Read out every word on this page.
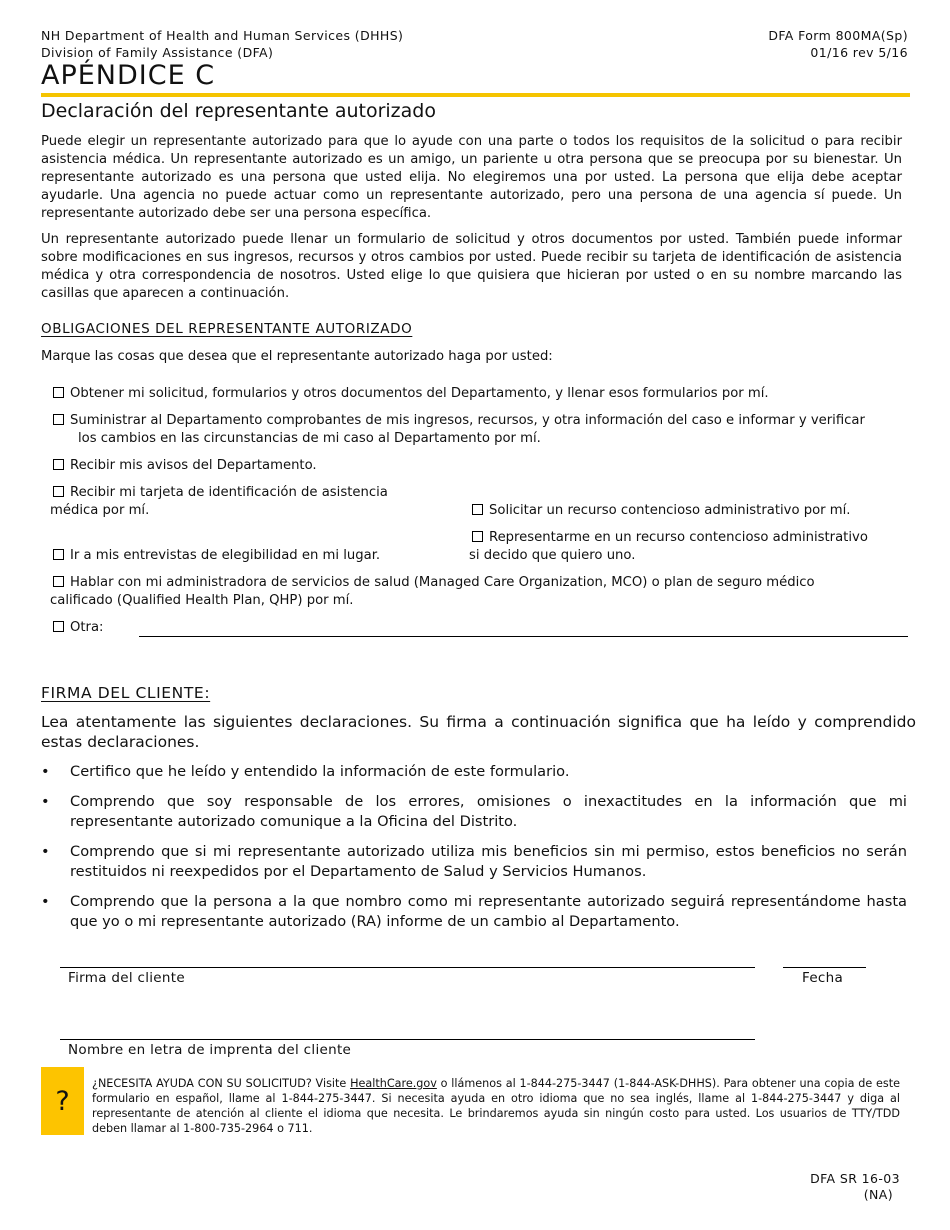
NH Department of Health and Human Services (DHHS)
Division of Family Assistance (DFA)
DFA Form 800MA(Sp)
01/16 rev 5/16
APÉNDICE C
Declaración del representante autorizado
Puede elegir un representante autorizado para que lo ayude con una parte o todos los requisitos de la solicitud o para recibir asistencia médica. Un representante autorizado es un amigo, un pariente u otra persona que se preocupa por su bienestar. Un representante autorizado es una persona que usted elija. No elegiremos una por usted. La persona que elija debe aceptar ayudarle. Una agencia no puede actuar como un representante autorizado, pero una persona de una agencia sí puede. Un representante autorizado debe ser una persona específica.
Un representante autorizado puede llenar un formulario de solicitud y otros documentos por usted. También puede informar sobre modificaciones en sus ingresos, recursos y otros cambios por usted. Puede recibir su tarjeta de identificación de asistencia médica y otra correspondencia de nosotros. Usted elige lo que quisiera que hicieran por usted o en su nombre marcando las casillas que aparecen a continuación.
OBLIGACIONES DEL REPRESENTANTE AUTORIZADO
Marque las cosas que desea que el representante autorizado haga por usted:
Obtener mi solicitud, formularios y otros documentos del Departamento, y llenar esos formularios por mí.
Suministrar al Departamento comprobantes de mis ingresos, recursos, y otra información del caso e informar y verificar
los cambios en las circunstancias de mi caso al Departamento por mí.
Recibir mis avisos del Departamento.
Recibir mi tarjeta de identificación de asistencia
médica por mí.	Solicitar un recurso contencioso administrativo por mí.
Representarme en un recurso contencioso administrativo
si decido que quiero uno.
Ir a mis entrevistas de elegibilidad en mi lugar.
Hablar con mi administradora de servicios de salud (Managed Care Organization, MCO) o plan de seguro médico
calificado (Qualified Health Plan, QHP) por mí.
Otra:
FIRMA DEL CLIENTE:
Lea atentamente las siguientes declaraciones. Su firma a continuación significa que ha leído y comprendido estas declaraciones.
• Certifico que he leído y entendido la información de este formulario.
• Comprendo que soy responsable de los errores, omisiones o inexactitudes en la información que mi representante autorizado comunique a la Oficina del Distrito.
• Comprendo que si mi representante autorizado utiliza mis beneficios sin mi permiso, estos beneficios no serán restituidos ni reexpedidos por el Departamento de Salud y Servicios Humanos.
• Comprendo que la persona a la que nombro como mi representante autorizado seguirá representándome hasta que yo o mi representante autorizado (RA) informe de un cambio al Departamento.
Firma del cliente	Fecha
Nombre en letra de imprenta del cliente
?
¿NECESITA AYUDA CON SU SOLICITUD? Visite HealthCare.gov o llámenos al 1-844-275-3447 (1-844-ASK-DHHS). Para obtener una copia de este formulario en español, llame al 1-844-275-3447. Si necesita ayuda en otro idioma que no sea inglés, llame al 1-844-275-3447 y diga al representante de atención al cliente el idioma que necesita. Le brindaremos ayuda sin ningún costo para usted. Los usuarios de TTY/TDD deben llamar al 1-800-735-2964 o 711.
DFA SR 16-03
(NA)
